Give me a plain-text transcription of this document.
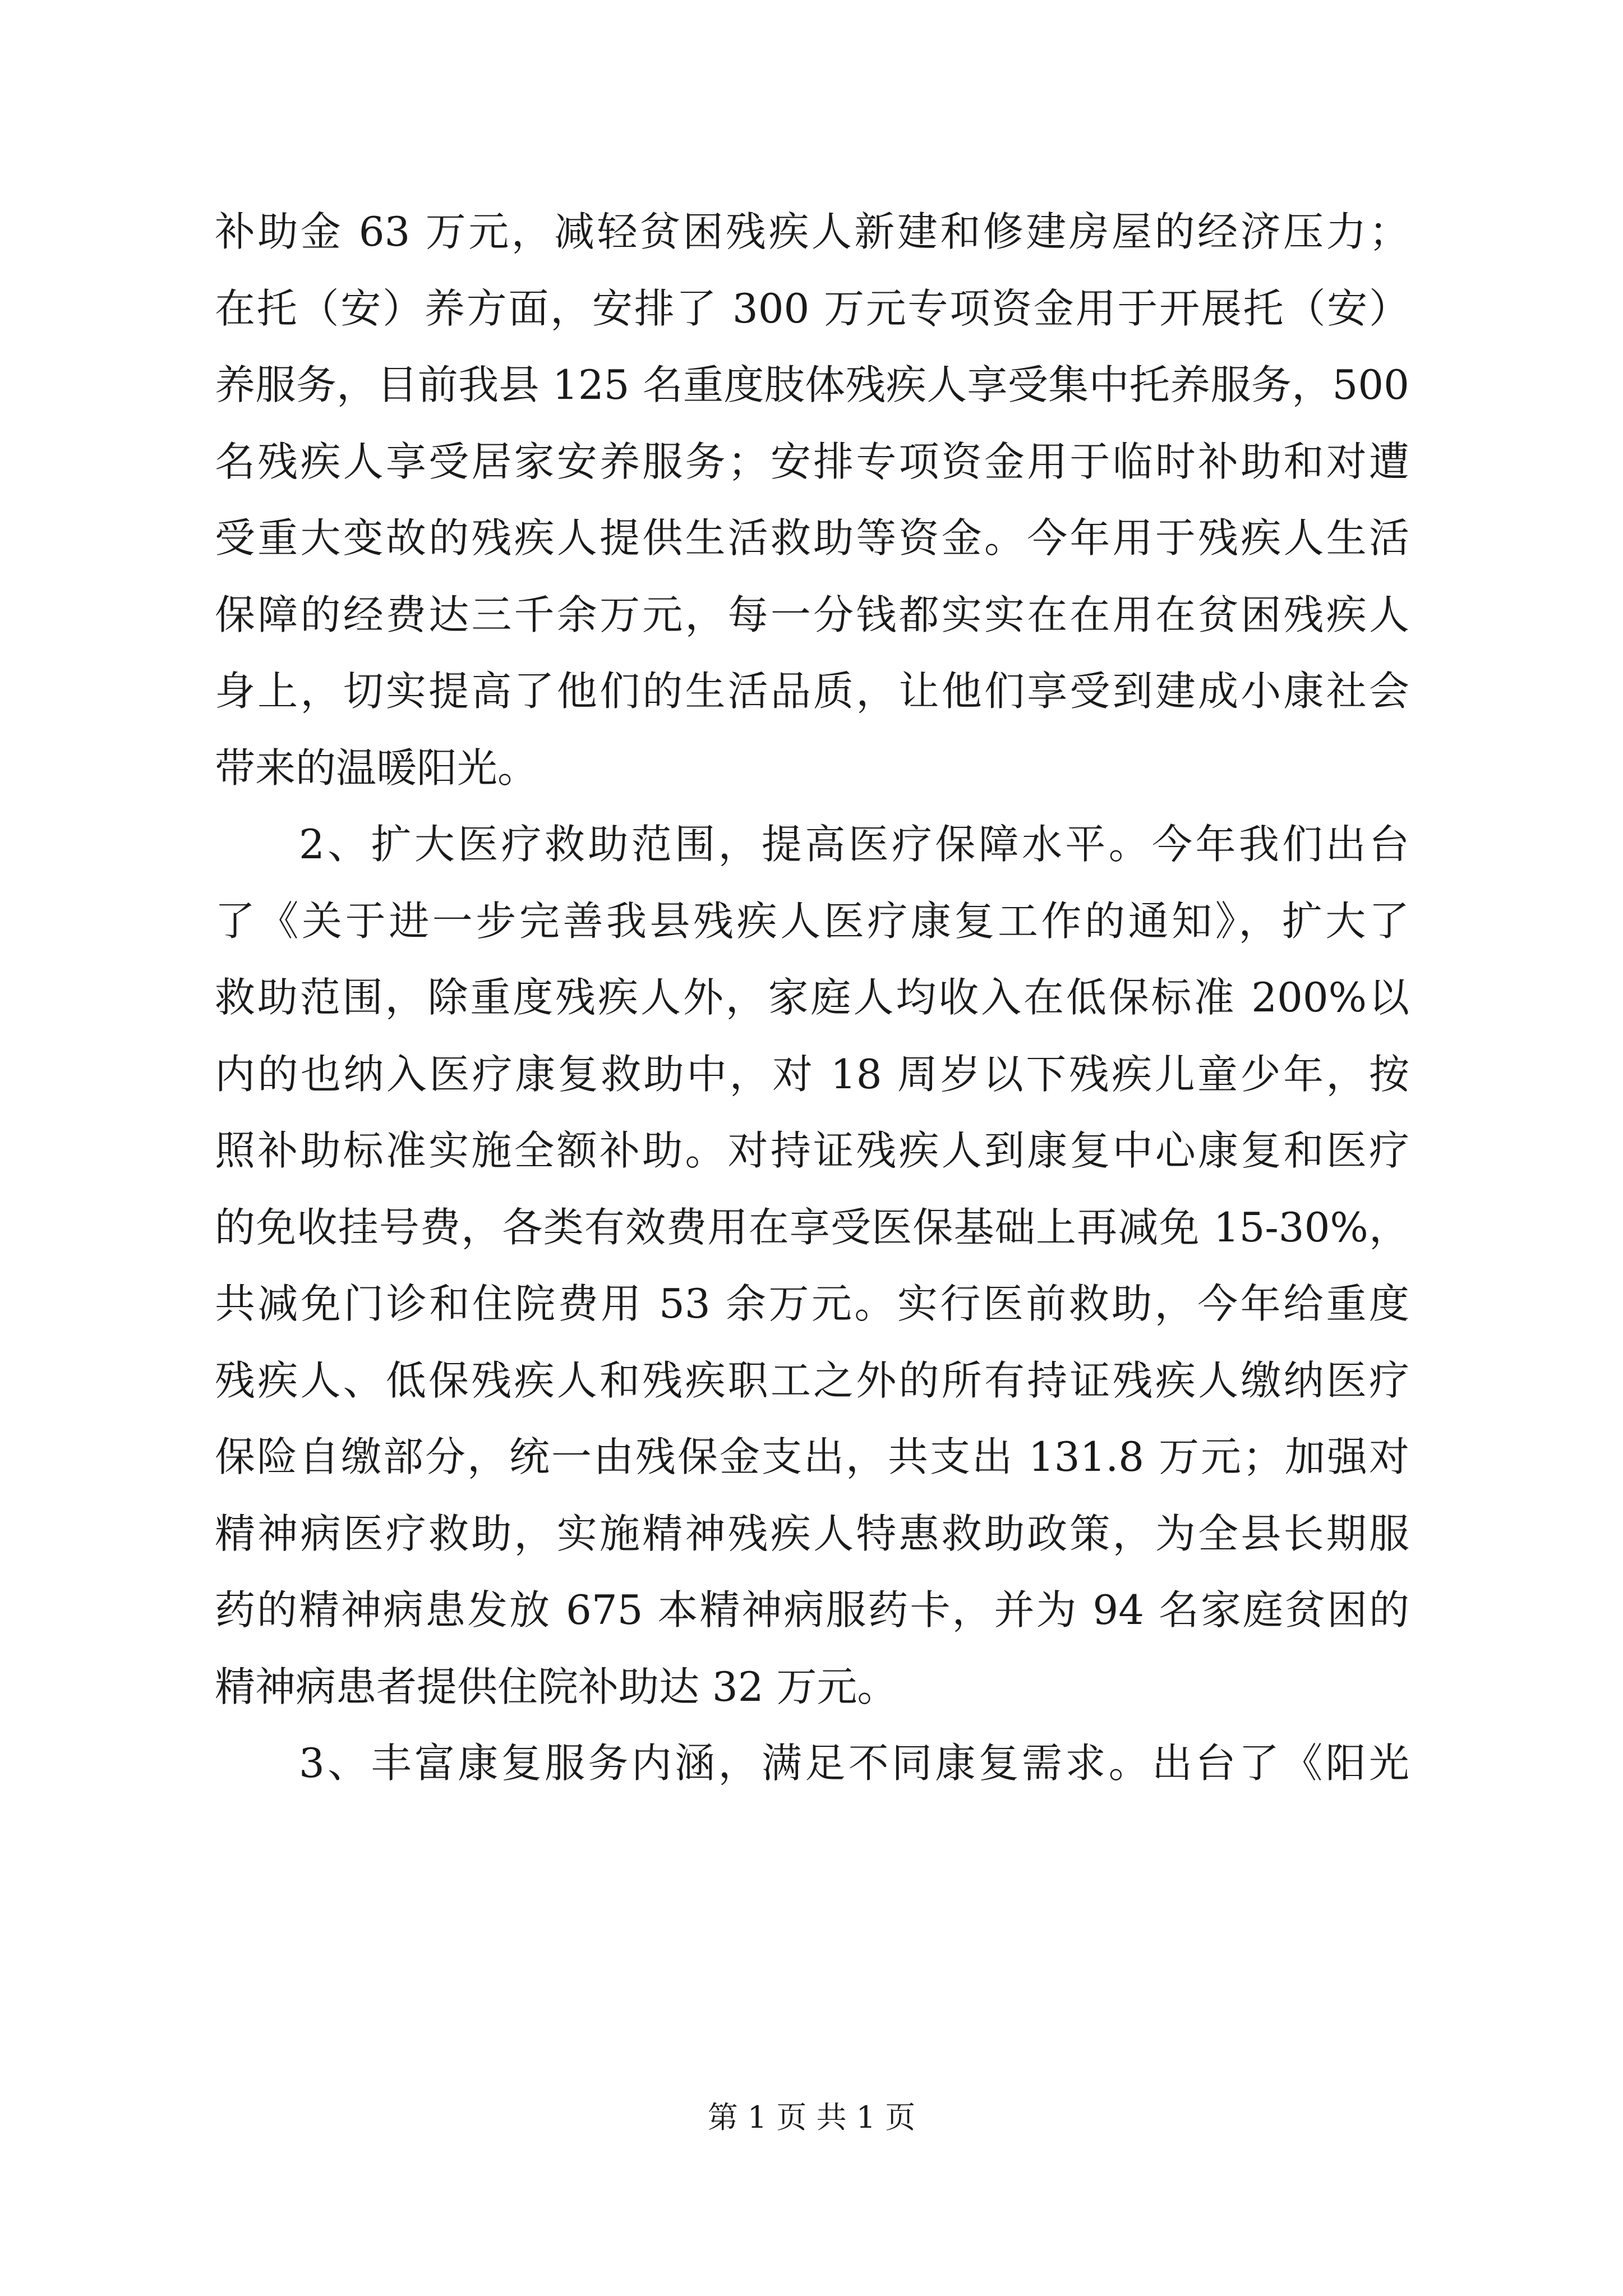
补助金 63 万元，减轻贫困残疾人新建和修建房屋的经济压力；
在托（安）养方面，安排了 300 万元专项资金用于开展托（安）
养服务，目前我县 125 名重度肢体残疾人享受集中托养服务，500
名残疾人享受居家安养服务；安排专项资金用于临时补助和对遭
受重大变故的残疾人提供生活救助等资金。今年用于残疾人生活
保障的经费达三千余万元，每一分钱都实实在在用在贫困残疾人
身上，切实提高了他们的生活品质，让他们享受到建成小康社会
带来的温暖阳光。
2、扩大医疗救助范围，提高医疗保障水平。今年我们出台
了《关于进一步完善我县残疾人医疗康复工作的通知》，扩大了
救助范围，除重度残疾人外，家庭人均收入在低保标准 200%以
内的也纳入医疗康复救助中，对 18 周岁以下残疾儿童少年，按
照补助标准实施全额补助。对持证残疾人到康复中心康复和医疗
的免收挂号费，各类有效费用在享受医保基础上再减免 15-30%，
共减免门诊和住院费用 53 余万元。实行医前救助，今年给重度
残疾人、低保残疾人和残疾职工之外的所有持证残疾人缴纳医疗
保险自缴部分，统一由残保金支出，共支出 131.8 万元；加强对
精神病医疗救助，实施精神残疾人特惠救助政策，为全县长期服
药的精神病患发放 675 本精神病服药卡，并为 94 名家庭贫困的
精神病患者提供住院补助达 32 万元。
3、丰富康复服务内涵，满足不同康复需求。出台了《阳光
第 1 页 共 1 页
